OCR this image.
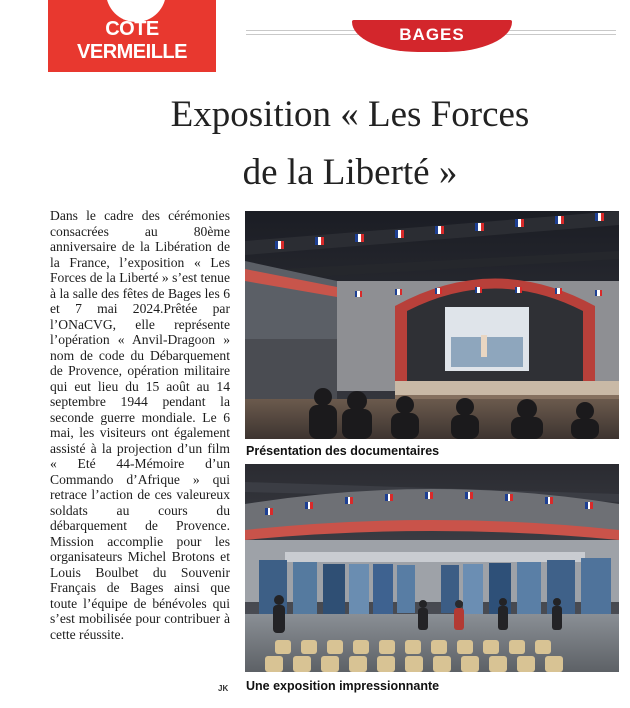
CÔTE VERMEILLE
BAGES
Exposition « Les Forces
de la Liberté »

Dans le cadre des cérémonies consacrées au 80ème anniversaire de la Libération de la France, l’exposition « Les Forces de la Liberté » s’est tenue à la salle des fêtes de Bages les 6 et 7 mai 2024.Prêtée par l’ONaCVG, elle représente l’opération « Anvil-Dragoon » nom de code du Débarquement de Provence, opération militaire qui eut lieu du 15 août au 14 septembre 1944 pendant la seconde guerre mondiale. Le 6 mai, les visiteurs ont également assisté à la projection d’un film « Eté 44-Mémoire d’un Commando d’Afrique » qui retrace l’action de ces valeureux soldats au cours du débarquement de Provence. Mission accomplie pour les organisateurs Michel Brotons et Louis Boulbet du Souvenir Français de Bages ainsi que toute l’équipe de bénévoles qui s’est mobilisée pour contribuer à cette réussite.

JK
Présentation des documentaires
Une exposition impressionnante
